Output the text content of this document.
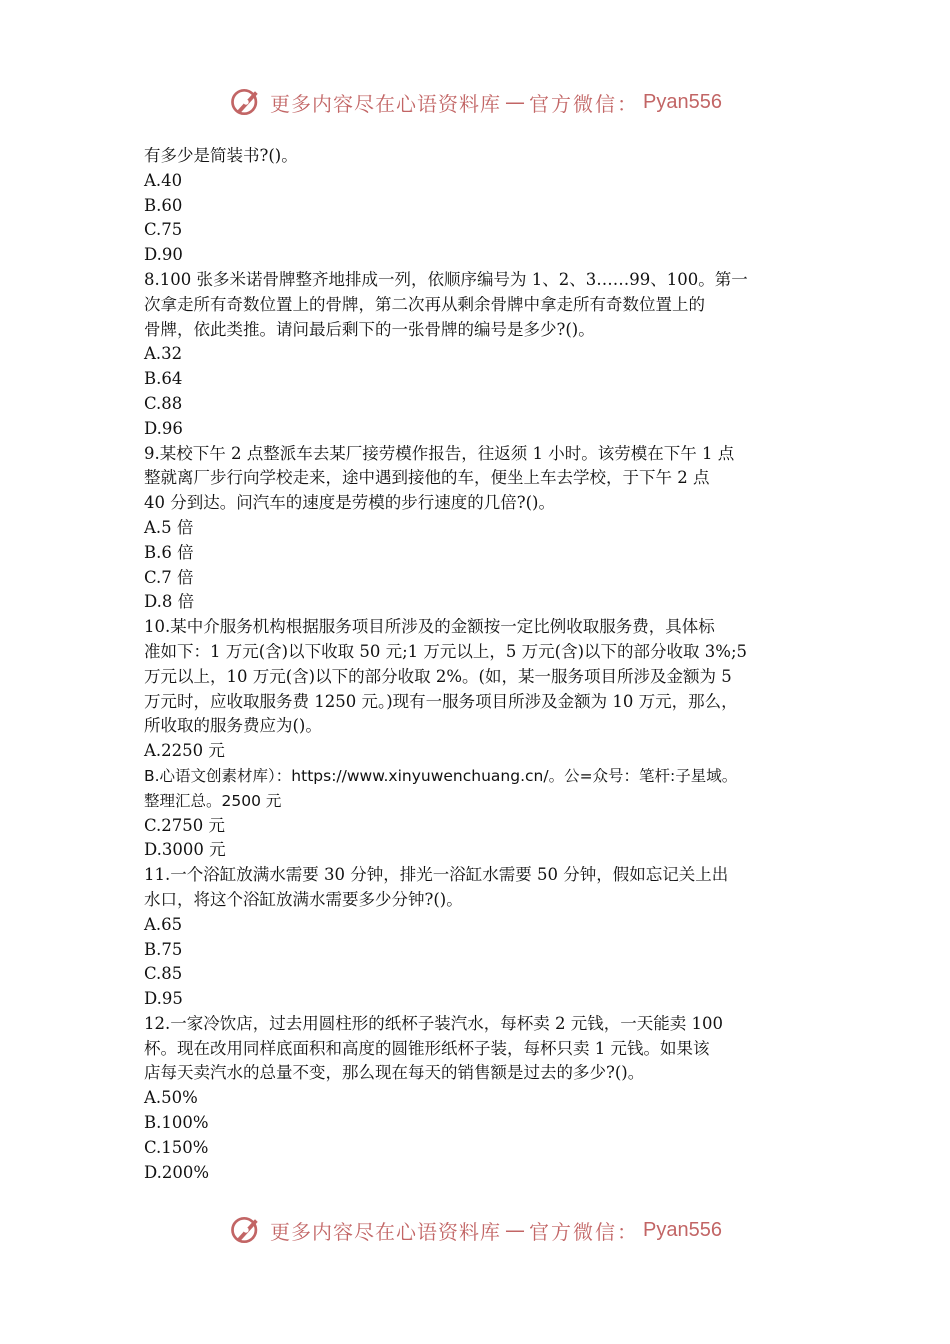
更多内容尽在心语资料库 — 官方微信： Pyan556
有多少是简装书?()。
A.40
B.60
C.75
D.90
8.100 张多米诺骨牌整齐地排成一列，依顺序编号为 1、2、3……99、100。第一
次拿走所有奇数位置上的骨牌，第二次再从剩余骨牌中拿走所有奇数位置上的
骨牌，依此类推。请问最后剩下的一张骨牌的编号是多少?()。
A.32
B.64
C.88
D.96
9.某校下午 2 点整派车去某厂接劳模作报告，往返须 1 小时。该劳模在下午 1 点
整就离厂步行向学校走来，途中遇到接他的车，便坐上车去学校，于下午 2 点
40 分到达。问汽车的速度是劳模的步行速度的几倍?()。
A.5 倍
B.6 倍
C.7 倍
D.8 倍
10.某中介服务机构根据服务项目所涉及的金额按一定比例收取服务费，具体标
准如下：1 万元(含)以下收取 50 元;1 万元以上，5 万元(含)以下的部分收取 3%;5
万元以上，10 万元(含)以下的部分收取 2%。(如，某一服务项目所涉及金额为 5
万元时，应收取服务费 1250 元。)现有一服务项目所涉及金额为 10 万元，那么，
所收取的服务费应为()。
A.2250 元
B.心语文创素材库）：https://www.xinyuwenchuang.cn/。公=众号：笔杆:子星域。
整理汇总。2500 元
C.2750 元
D.3000 元
11.一个浴缸放满水需要 30 分钟，排光一浴缸水需要 50 分钟，假如忘记关上出
水口，将这个浴缸放满水需要多少分钟?()。
A.65
B.75
C.85
D.95
12.一家冷饮店，过去用圆柱形的纸杯子装汽水，每杯卖 2 元钱，一天能卖 100
杯。现在改用同样底面积和高度的圆锥形纸杯子装，每杯只卖 1 元钱。如果该
店每天卖汽水的总量不变，那么现在每天的销售额是过去的多少?()。
A.50%
B.100%
C.150%
D.200%
更多内容尽在心语资料库 — 官方微信： Pyan556
